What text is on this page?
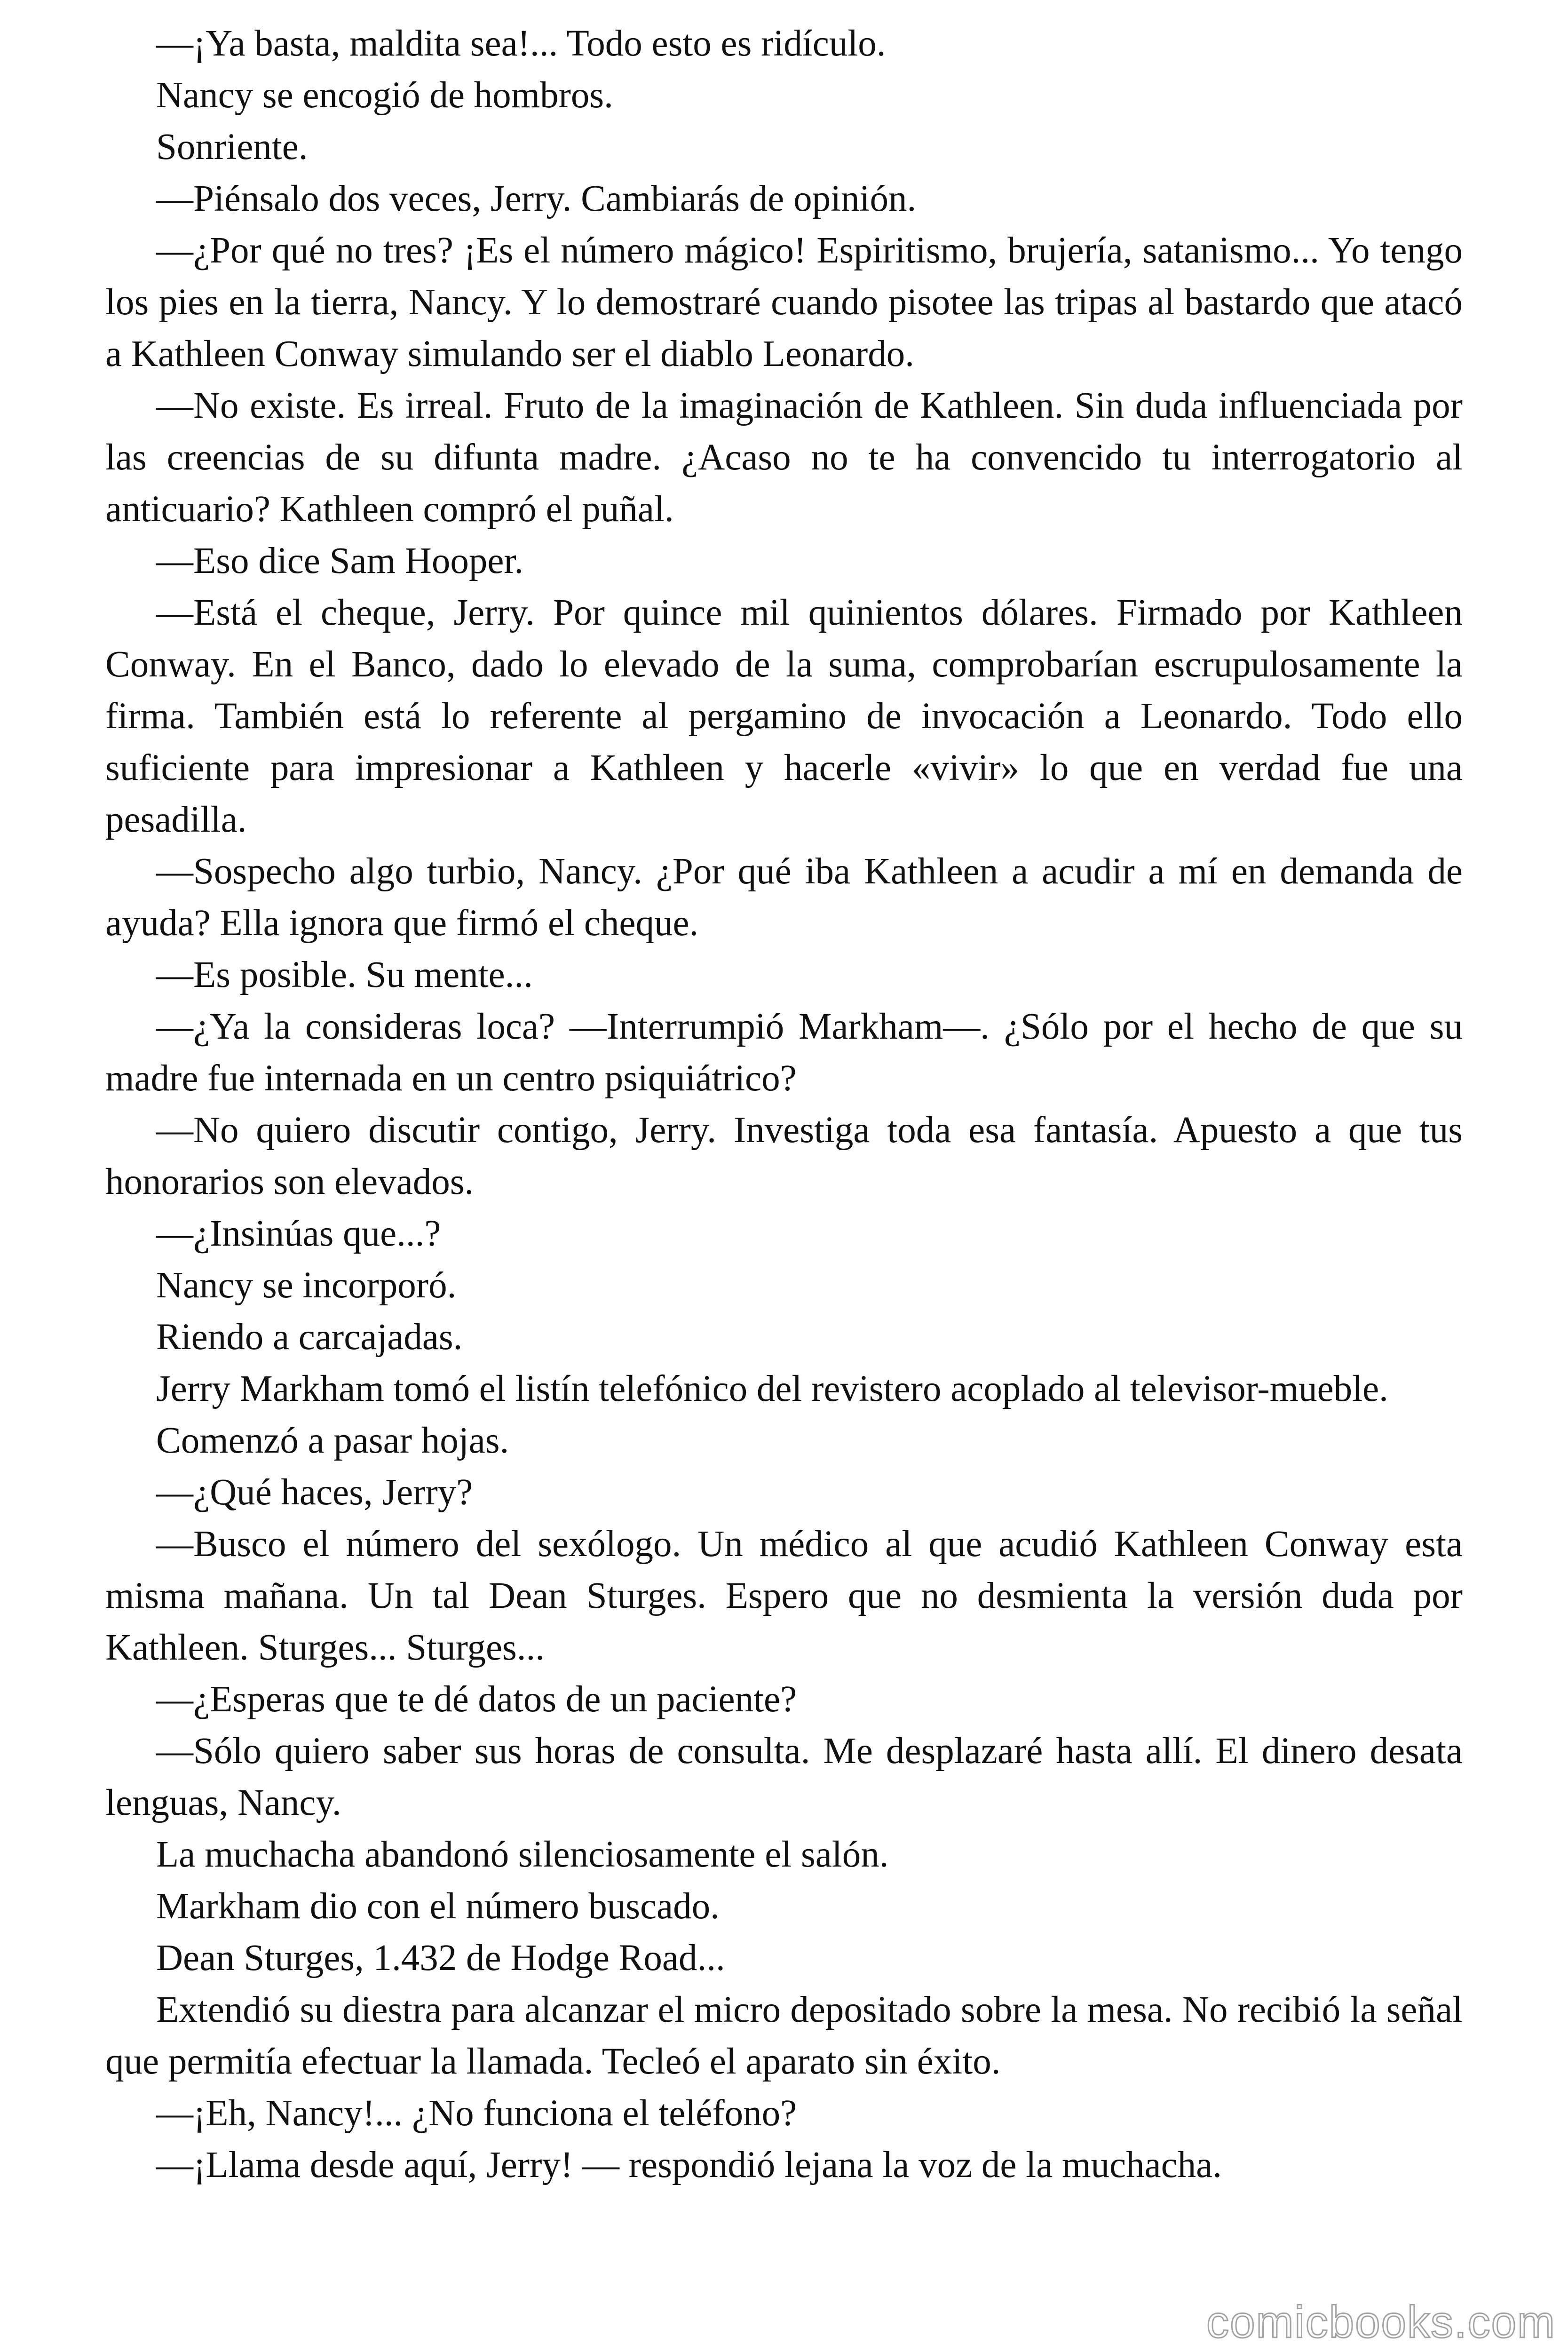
—¡Ya basta, maldita sea!... Todo esto es ridículo.

Nancy se encogió de hombros.

Sonriente.

—Piénsalo dos veces, Jerry. Cambiarás de opinión.

—¿Por qué no tres? ¡Es el número mágico! Espiritismo, brujería, satanismo... Yo tengo los pies en la tierra, Nancy. Y lo demostraré cuando pisotee las tripas al bastardo que atacó a Kathleen Conway simulando ser el diablo Leonardo.

—No existe. Es irreal. Fruto de la imaginación de Kathleen. Sin duda influenciada por las creencias de su difunta madre. ¿Acaso no te ha convencido tu interrogatorio al anticuario? Kathleen compró el puñal.

—Eso dice Sam Hooper.

—Está el cheque, Jerry. Por quince mil quinientos dólares. Firmado por Kathleen Conway. En el Banco, dado lo elevado de la suma, comprobarían escrupulosamente la firma. También está lo referente al pergamino de invocación a Leonardo. Todo ello suficiente para impresionar a Kathleen y hacerle «vivir» lo que en verdad fue una pesadilla.

—Sospecho algo turbio, Nancy. ¿Por qué iba Kathleen a acudir a mí en demanda de ayuda? Ella ignora que firmó el cheque.

—Es posible. Su mente...

—¿Ya la consideras loca? —Interrumpió Markham—. ¿Sólo por el hecho de que su madre fue internada en un centro psiquiátrico?

—No quiero discutir contigo, Jerry. Investiga toda esa fantasía. Apuesto a que tus honorarios son elevados.

—¿Insinúas que...?

Nancy se incorporó.

Riendo a carcajadas.

Jerry Markham tomó el listín telefónico del revistero acoplado al televisor-mueble.

Comenzó a pasar hojas.

—¿Qué haces, Jerry?

—Busco el número del sexólogo. Un médico al que acudió Kathleen Conway esta misma mañana. Un tal Dean Sturges. Espero que no desmienta la versión duda por Kathleen. Sturges... Sturges...

—¿Esperas que te dé datos de un paciente?

—Sólo quiero saber sus horas de consulta. Me desplazaré hasta allí. El dinero desata lenguas, Nancy.

La muchacha abandonó silenciosamente el salón.

Markham dio con el número buscado.

Dean Sturges, 1.432 de Hodge Road...

Extendió su diestra para alcanzar el micro depositado sobre la mesa. No recibió la señal que permitía efectuar la llamada. Tecleó el aparato sin éxito.

—¡Eh, Nancy!... ¿No funciona el teléfono?

—¡Llama desde aquí, Jerry! — respondió lejana la voz de la muchacha.

comicbooks.com
